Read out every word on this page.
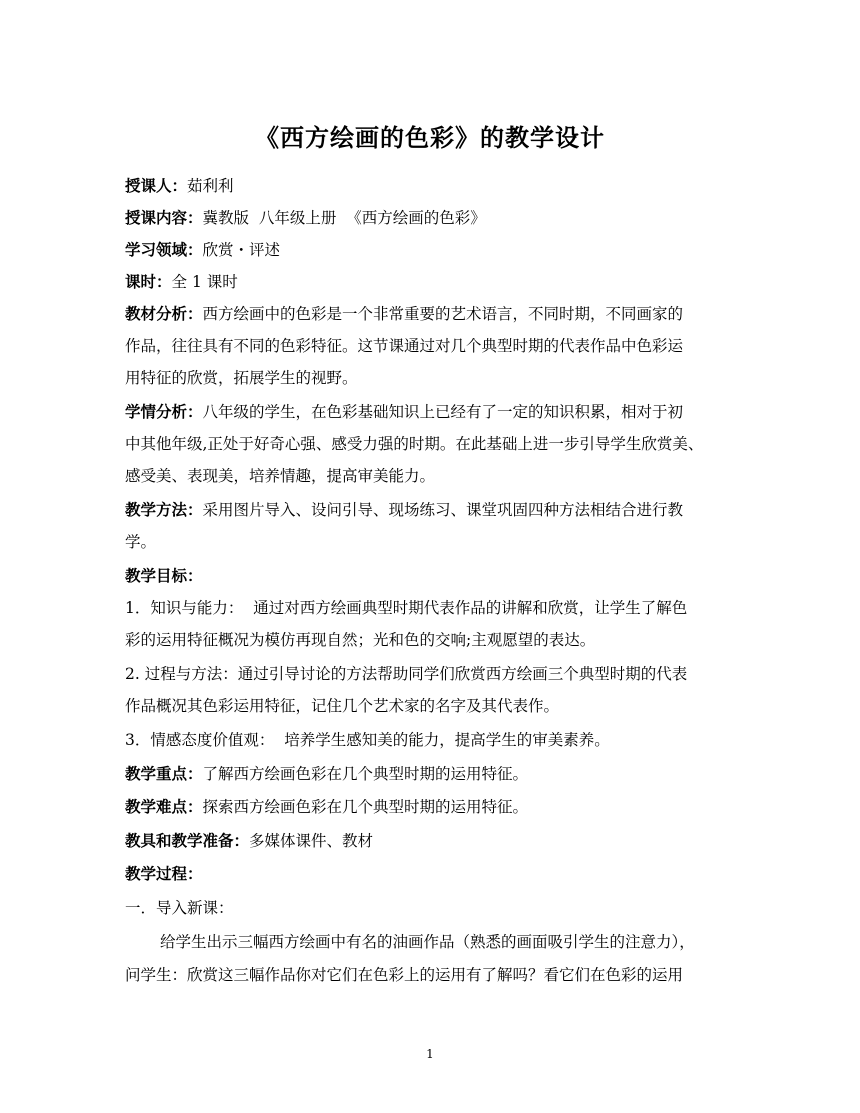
《西方绘画的色彩》的教学设计
授课人：茹利利
授课内容：冀教版  八年级上册  《西方绘画的色彩》
学习领域：欣赏・评述
课时：全 1 课时
教材分析：西方绘画中的色彩是一个非常重要的艺术语言，不同时期，不同画家的
作品，往往具有不同的色彩特征。这节课通过对几个典型时期的代表作品中色彩运
用特征的欣赏，拓展学生的视野。
学情分析：八年级的学生，在色彩基础知识上已经有了一定的知识积累，相对于初
中其他年级,正处于好奇心强、感受力强的时期。在此基础上进一步引导学生欣赏美、
感受美、表现美，培养情趣，提高审美能力。
教学方法：采用图片导入、设问引导、现场练习、课堂巩固四种方法相结合进行教
学。
教学目标：
1．知识与能力：  通过对西方绘画典型时期代表作品的讲解和欣赏，让学生了解色
彩的运用特征概况为模仿再现自然；光和色的交响;主观愿望的表达。
2. 过程与方法：通过引导讨论的方法帮助同学们欣赏西方绘画三个典型时期的代表
作品概况其色彩运用特征，记住几个艺术家的名字及其代表作。
3．情感态度价值观：  培养学生感知美的能力，提高学生的审美素养。
教学重点：了解西方绘画色彩在几个典型时期的运用特征。
教学难点：探索西方绘画色彩在几个典型时期的运用特征。
教具和教学准备：多媒体课件、教材
教学过程：
一．导入新课：
给学生出示三幅西方绘画中有名的油画作品（熟悉的画面吸引学生的注意力），
问学生：欣赏这三幅作品你对它们在色彩上的运用有了解吗？看它们在色彩的运用
1
